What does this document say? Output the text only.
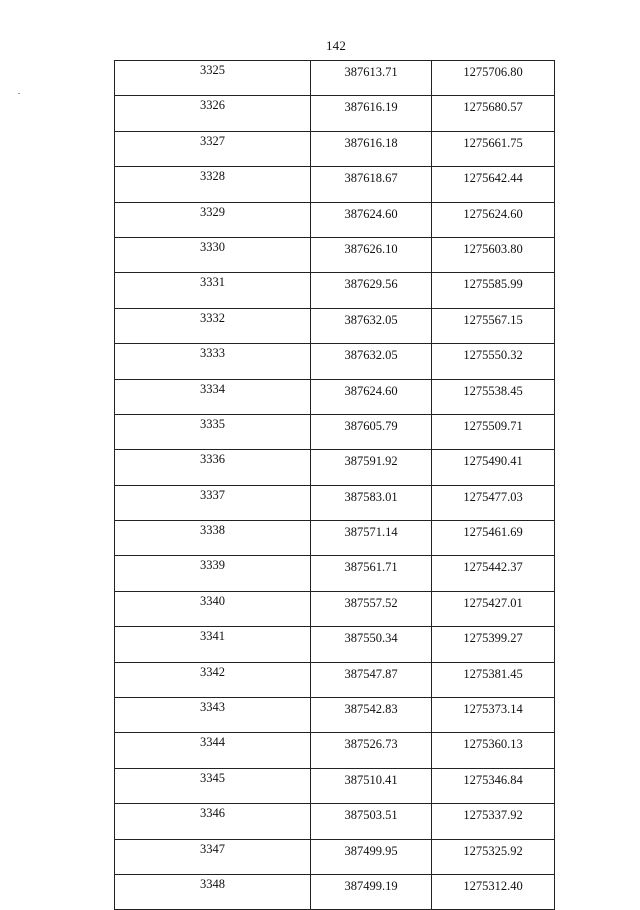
142
3325	387613.71	1275706.80
3326	387616.19	1275680.57
3327	387616.18	1275661.75
3328	387618.67	1275642.44
3329	387624.60	1275624.60
3330	387626.10	1275603.80
3331	387629.56	1275585.99
3332	387632.05	1275567.15
3333	387632.05	1275550.32
3334	387624.60	1275538.45
3335	387605.79	1275509.71
3336	387591.92	1275490.41
3337	387583.01	1275477.03
3338	387571.14	1275461.69
3339	387561.71	1275442.37
3340	387557.52	1275427.01
3341	387550.34	1275399.27
3342	387547.87	1275381.45
3343	387542.83	1275373.14
3344	387526.73	1275360.13
3345	387510.41	1275346.84
3346	387503.51	1275337.92
3347	387499.95	1275325.92
3348	387499.19	1275312.40
